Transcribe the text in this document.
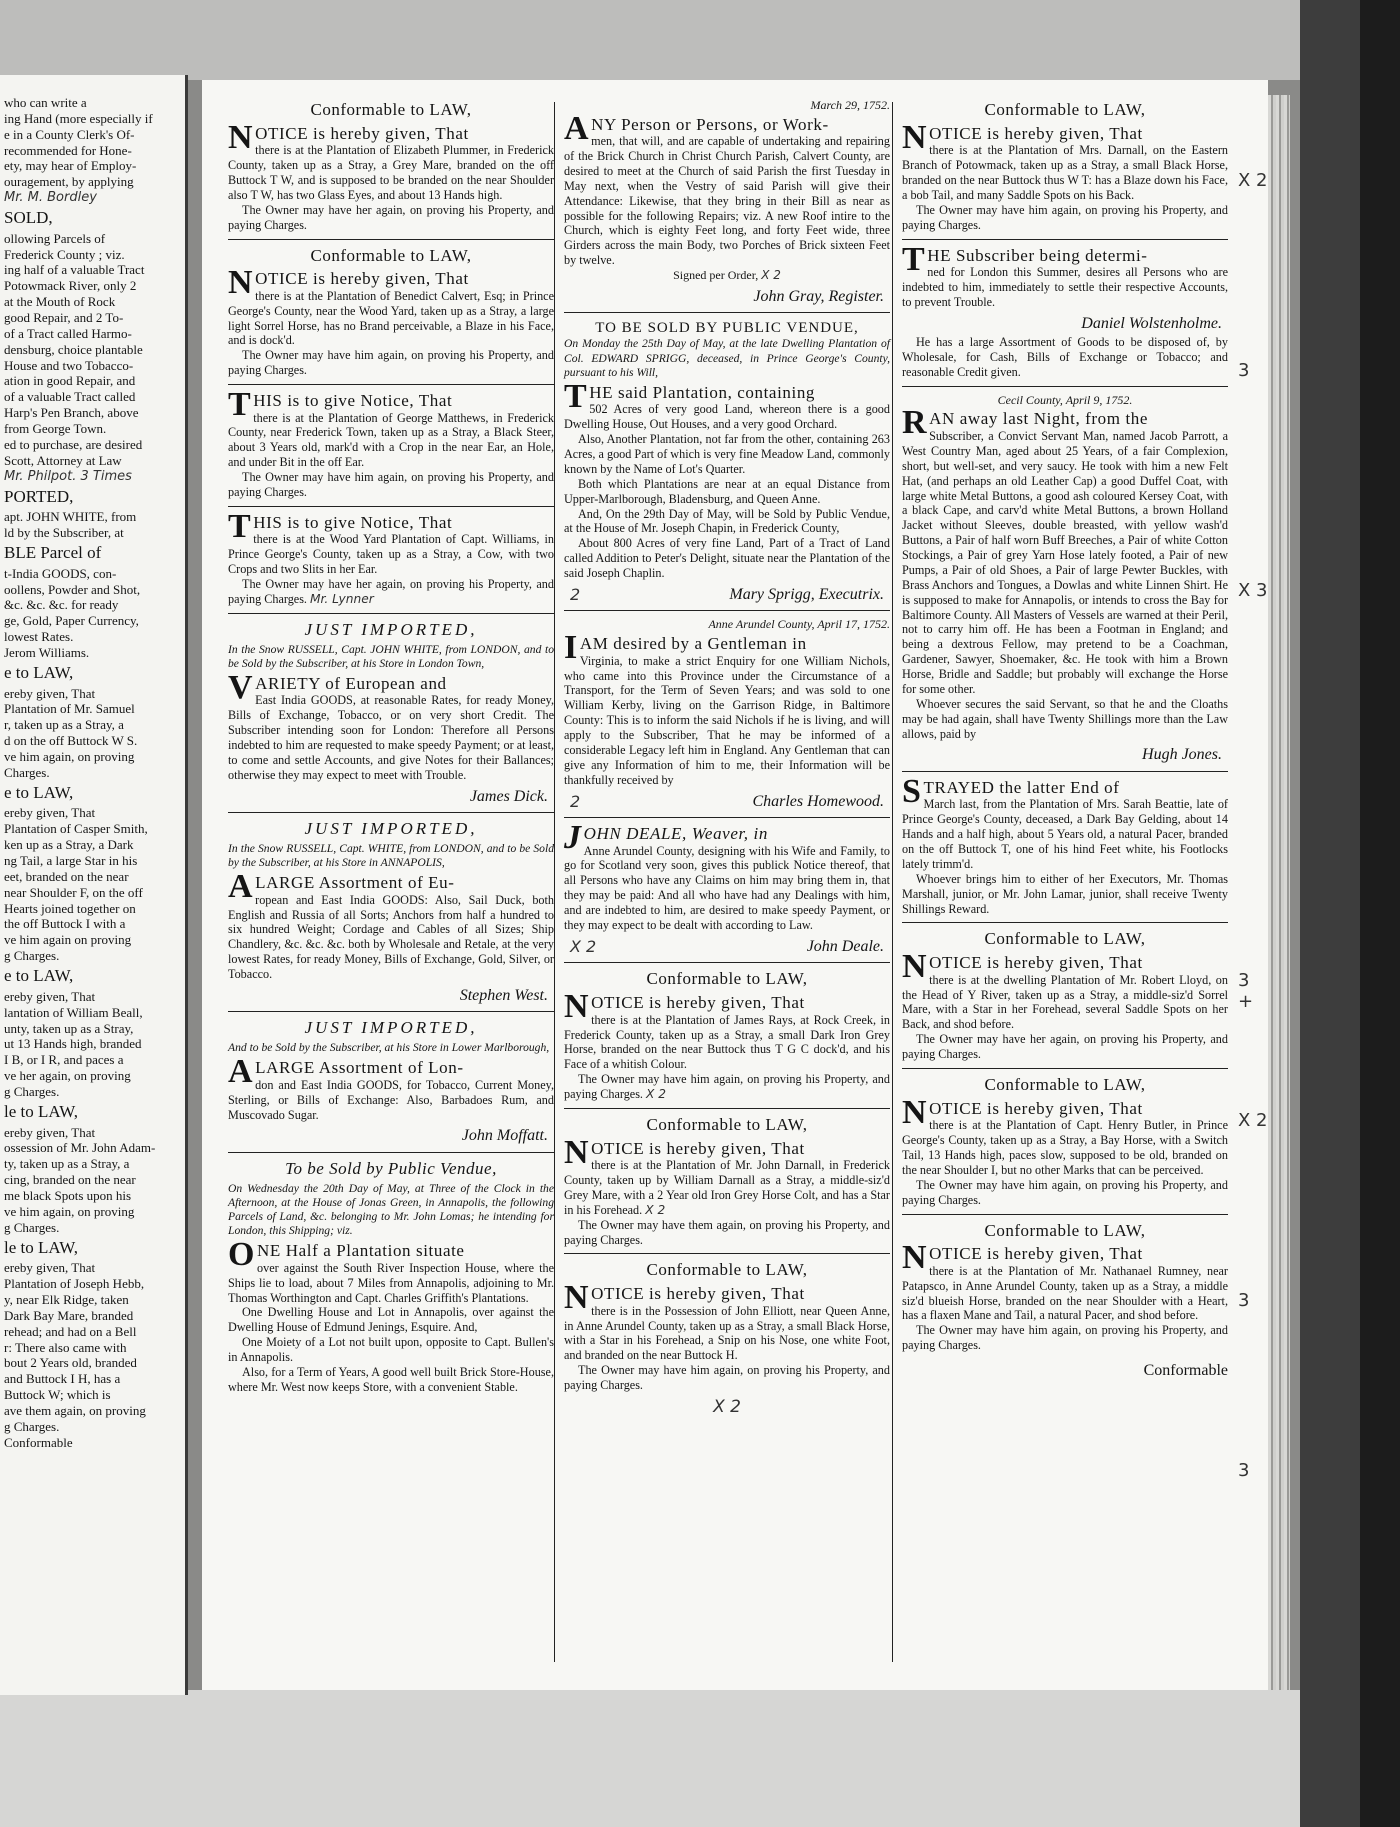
who can write a
ing Hand (more especially if
e in a County Clerk's Of-
recommended for Hone-
ety, may hear of Employ-
ouragement, by applying
Mr. M. Bordley
SOLD,
ollowing Parcels of
Frederick County ; viz.
ing half of a valuable Tract
Potowmack River, only 2
at the Mouth of Rock
good Repair, and 2 To-
of a Tract called Harmo-
densburg, choice plantable
House and two Tobacco-
ation in good Repair, and
of a valuable Tract called
Harp's Pen Branch, above
from George Town.
ed to purchase, are desired
Scott, Attorney at Law
Mr. Philpot. 3 Times
PORTED,
apt. JOHN WHITE, from
ld by the Subscriber, at
BLE Parcel of
t-India GOODS, con-
oollens, Powder and Shot,
&c. &c. &c. for ready
ge, Gold, Paper Currency,
lowest Rates.
Jerom Williams.
e to LAW,
ereby given, That
Plantation of Mr. Samuel
r, taken up as a Stray, a
d on the off Buttock W S.
ve him again, on proving
Charges.
e to LAW,
ereby given, That
Plantation of Casper Smith,
ken up as a Stray, a Dark
ng Tail, a large Star in his
eet, branded on the near
near Shoulder F, on the off
Hearts joined together on
the off Buttock I with a
ve him again on proving
g Charges.
e to LAW,
ereby given, That
lantation of William Beall,
unty, taken up as a Stray,
ut 13 Hands high, branded
I B, or I R, and paces a
ve her again, on proving
g Charges.
le to LAW,
ereby given, That
ossession of Mr. John Adam-
ty, taken up as a Stray, a
cing, branded on the near
me black Spots upon his
ve him again, on proving
g Charges.
le to LAW,
ereby given, That
Plantation of Joseph Hebb,
y, near Elk Ridge, taken
Dark Bay Mare, branded
rehead; and had on a Bell
r: There also came with
bout 2 Years old, branded
and Buttock I H, has a
Buttock W; which is
ave them again, on proving
g Charges.
Conformable
Conformable to LAW,
NOTICE is hereby given, That
there is at the Plantation of Elizabeth Plummer, in Frederick County, taken up as a Stray, a Grey Mare, branded on the off Buttock T W, and is supposed to be branded on the near Shoulder also T W, has two Glass Eyes, and about 13 Hands high.
The Owner may have her again, on proving his Property, and paying Charges.
Conformable to LAW,
NOTICE is hereby given, That
there is at the Plantation of Benedict Calvert, Esq; in Prince George's County, near the Wood Yard, taken up as a Stray, a large light Sorrel Horse, has no Brand perceivable, a Blaze in his Face, and is dock'd.
The Owner may have him again, on proving his Property, and paying Charges.
THIS is to give Notice, That
there is at the Plantation of George Matthews, in Frederick County, near Frederick Town, taken up as a Stray, a Black Steer, about 3 Years old, mark'd with a Crop in the near Ear, an Hole, and under Bit in the off Ear.
The Owner may have him again, on proving his Property, and paying Charges.
THIS is to give Notice, That
there is at the Wood Yard Plantation of Capt. Williams, in Prince George's County, taken up as a Stray, a Cow, with two Crops and two Slits in her Ear.
The Owner may have her again, on proving his Property, and paying Charges. Mr. Lynner
JUST IMPORTED,
In the Snow RUSSELL, Capt. JOHN WHITE, from LONDON, and to be Sold by the Subscriber, at his Store in London Town,
VARIETY of European and
East India GOODS, at reasonable Rates, for ready Money, Bills of Exchange, Tobacco, or on very short Credit. The Subscriber intending soon for London: Therefore all Persons indebted to him are requested to make speedy Payment; or at least, to come and settle Accounts, and give Notes for their Ballances; otherwise they may expect to meet with Trouble.
James Dick.
JUST IMPORTED,
In the Snow RUSSELL, Capt. WHITE, from LONDON, and to be Sold by the Subscriber, at his Store in ANNAPOLIS,
ALARGE Assortment of Eu-
ropean and East India GOODS: Also, Sail Duck, both English and Russia of all Sorts; Anchors from half a hundred to six hundred Weight; Cordage and Cables of all Sizes; Ship Chandlery, &c. &c. &c. both by Wholesale and Retale, at the very lowest Rates, for ready Money, Bills of Exchange, Gold, Silver, or Tobacco.
Stephen West.
JUST IMPORTED,
And to be Sold by the Subscriber, at his Store in Lower Marlborough,
ALARGE Assortment of Lon-
don and East India GOODS, for Tobacco, Current Money, Sterling, or Bills of Exchange: Also, Barbadoes Rum, and Muscovado Sugar.
John Moffatt.
To be Sold by Public Vendue,
On Wednesday the 20th Day of May, at Three of the Clock in the Afternoon, at the House of Jonas Green, in Annapolis, the following Parcels of Land, &c. belonging to Mr. John Lomas; he intending for London, this Shipping; viz.
ONE Half a Plantation situate
over against the South River Inspection House, where the Ships lie to load, about 7 Miles from Annapolis, adjoining to Mr. Thomas Worthington and Capt. Charles Griffith's Plantations.
One Dwelling House and Lot in Annapolis, over against the Dwelling House of Edmund Jenings, Esquire. And,
One Moiety of a Lot not built upon, opposite to Capt. Bullen's in Annapolis.
Also, for a Term of Years, A good well built Brick Store-House, where Mr. West now keeps Store, with a convenient Stable.
March 29, 1752.
ANY Person or Persons, or Work-
men, that will, and are capable of undertaking and repairing of the Brick Church in Christ Church Parish, Calvert County, are desired to meet at the Church of said Parish the first Tuesday in May next, when the Vestry of said Parish will give their Attendance: Likewise, that they bring in their Bill as near as possible for the following Repairs; viz. A new Roof intire to the Church, which is eighty Feet long, and forty Feet wide, three Girders across the main Body, two Porches of Brick sixteen Feet by twelve.
Signed per Order, X 2
John Gray, Register.
TO BE SOLD BY PUBLIC VENDUE,
On Monday the 25th Day of May, at the late Dwelling Plantation of Col. EDWARD SPRIGG, deceased, in Prince George's County, pursuant to his Will,
THE said Plantation, containing
502 Acres of very good Land, whereon there is a good Dwelling House, Out Houses, and a very good Orchard.
Also, Another Plantation, not far from the other, containing 263 Acres, a good Part of which is very fine Meadow Land, commonly known by the Name of Lot's Quarter.
Both which Plantations are near at an equal Distance from Upper-Marlborough, Bladensburg, and Queen Anne.
And, On the 29th Day of May, will be Sold by Public Vendue, at the House of Mr. Joseph Chapin, in Frederick County,
About 800 Acres of very fine Land, Part of a Tract of Land called Addition to Peter's Delight, situate near the Plantation of the said Joseph Chaplin.
2	Mary Sprigg, Executrix.
Anne Arundel County, April 17, 1752.
IAM desired by a Gentleman in
Virginia, to make a strict Enquiry for one William Nichols, who came into this Province under the Circumstance of a Transport, for the Term of Seven Years; and was sold to one William Kerby, living on the Garrison Ridge, in Baltimore County: This is to inform the said Nichols if he is living, and will apply to the Subscriber, That he may be informed of a considerable Legacy left him in England. Any Gentleman that can give any Information of him to me, their Information will be thankfully received by
2	Charles Homewood.
JOHN DEALE, Weaver, in
Anne Arundel County, designing with his Wife and Family, to go for Scotland very soon, gives this publick Notice thereof, that all Persons who have any Claims on him may bring them in, that they may be paid: And all who have had any Dealings with him, and are indebted to him, are desired to make speedy Payment, or they may expect to be dealt with according to Law.
X 2	John Deale.
Conformable to LAW,
NOTICE is hereby given, That
there is at the Plantation of James Rays, at Rock Creek, in Frederick County, taken up as a Stray, a small Dark Iron Grey Horse, branded on the near Buttock thus T G C dock'd, and his Face of a whitish Colour.
The Owner may have him again, on proving his Property, and paying Charges. X 2
Conformable to LAW,
NOTICE is hereby given, That
there is at the Plantation of Mr. John Darnall, in Frederick County, taken up by William Darnall as a Stray, a middle-siz'd Grey Mare, with a 2 Year old Iron Grey Horse Colt, and has a Star in his Forehead. X 2
The Owner may have them again, on proving his Property, and paying Charges.
Conformable to LAW,
NOTICE is hereby given, That
there is in the Possession of John Elliott, near Queen Anne, in Anne Arundel County, taken up as a Stray, a small Black Horse, with a Star in his Forehead, a Snip on his Nose, one white Foot, and branded on the near Buttock H.
The Owner may have him again, on proving his Property, and paying Charges.
X 2
Conformable to LAW,
NOTICE is hereby given, That
there is at the Plantation of Mrs. Darnall, on the Eastern Branch of Potowmack, taken up as a Stray, a small Black Horse, branded on the near Buttock thus W T: has a Blaze down his Face, a bob Tail, and many Saddle Spots on his Back.
The Owner may have him again, on proving his Property, and paying Charges.
THE Subscriber being determi-
ned for London this Summer, desires all Persons who are indebted to him, immediately to settle their respective Accounts, to prevent Trouble.
Daniel Wolstenholme.
He has a large Assortment of Goods to be disposed of, by Wholesale, for Cash, Bills of Exchange or Tobacco; and reasonable Credit given.
Cecil County, April 9, 1752.
RAN away last Night, from the
Subscriber, a Convict Servant Man, named Jacob Parrott, a West Country Man, aged about 25 Years, of a fair Complexion, short, but well-set, and very saucy. He took with him a new Felt Hat, (and perhaps an old Leather Cap) a good Duffel Coat, with large white Metal Buttons, a good ash coloured Kersey Coat, with a black Cape, and carv'd white Metal Buttons, a brown Holland Jacket without Sleeves, double breasted, with yellow wash'd Buttons, a Pair of half worn Buff Breeches, a Pair of white Cotton Stockings, a Pair of grey Yarn Hose lately footed, a Pair of new Pumps, a Pair of old Shoes, a Pair of large Pewter Buckles, with Brass Anchors and Tongues, a Dowlas and white Linnen Shirt. He is supposed to make for Annapolis, or intends to cross the Bay for Baltimore County. All Masters of Vessels are warned at their Peril, not to carry him off. He has been a Footman in England; and being a dextrous Fellow, may pretend to be a Coachman, Gardener, Sawyer, Shoemaker, &c. He took with him a Brown Horse, Bridle and Saddle; but probably will exchange the Horse for some other.
Whoever secures the said Servant, so that he and the Cloaths may be had again, shall have Twenty Shillings more than the Law allows, paid by
Hugh Jones.
STRAYED the latter End of
March last, from the Plantation of Mrs. Sarah Beattie, late of Prince George's County, deceased, a Dark Bay Gelding, about 14 Hands and a half high, about 5 Years old, a natural Pacer, branded on the off Buttock T, one of his hind Feet white, his Footlocks lately trimm'd.
Whoever brings him to either of her Executors, Mr. Thomas Marshall, junior, or Mr. John Lamar, junior, shall receive Twenty Shillings Reward.
Conformable to LAW,
NOTICE is hereby given, That
there is at the dwelling Plantation of Mr. Robert Lloyd, on the Head of Y River, taken up as a Stray, a middle-siz'd Sorrel Mare, with a Star in her Forehead, several Saddle Spots on her Back, and shod before.
The Owner may have her again, on proving his Property, and paying Charges.
Conformable to LAW,
NOTICE is hereby given, That
there is at the Plantation of Capt. Henry Butler, in Prince George's County, taken up as a Stray, a Bay Horse, with a Switch Tail, 13 Hands high, paces slow, supposed to be old, branded on the near Shoulder I, but no other Marks that can be perceived.
The Owner may have him again, on proving his Property, and paying Charges.
Conformable to LAW,
NOTICE is hereby given, That
there is at the Plantation of Mr. Nathanael Rumney, near Patapsco, in Anne Arundel County, taken up as a Stray, a middle siz'd blueish Horse, branded on the near Shoulder with a Heart, has a flaxen Mane and Tail, a natural Pacer, and shod before.
The Owner may have him again, on proving his Property, and paying Charges.
Conformable
X 2
3
X 3
3 +
X 2
3
3
